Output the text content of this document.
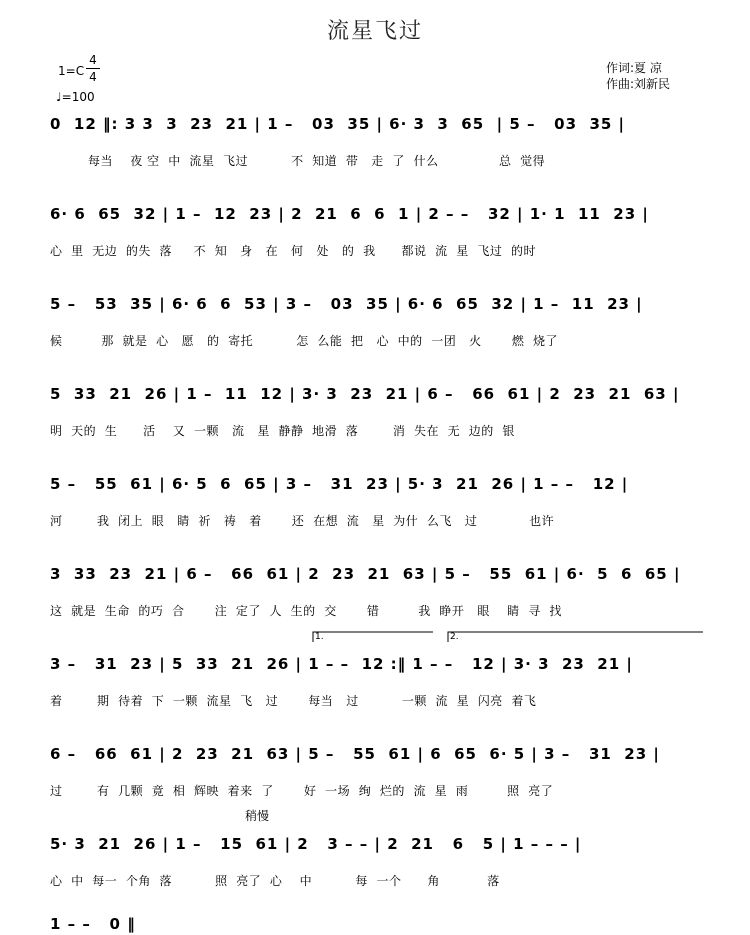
流星飞过
$1=C \frac{4}{4}$
♩=100
作词:夏 凉
作曲:刘新民
稍慢
1.	2.
0  12 ‖: 3 3  3  23  21 | 1 –   03  35 | 6· 3  3  65  | 5 –   03  35 |
每当    夜 空  中  流星  飞过          不  知道  带   走  了  什么              总  觉得
6· 6  65  32 | 1 –  12  23 | 2  21  6  6  1 | 2 – –   32 | 1· 1  11  23 |
心  里  无边  的失  落     不  知   身   在   何   处   的  我      都说  流  星  飞过  的时
5 –   53  35 | 6· 6  6  53 | 3 –   03  35 | 6· 6  65  32 | 1 –  11  23 |
候         那  就是  心   愿   的  寄托          怎  么能  把   心  中的  一团   火       燃  烧了
5  33  21  26 | 1 –  11  12 | 3· 3  23  21 | 6 –   66  61 | 2  23  21  63 |
明  天的  生      活    又  一颗   流   星  静静  地滑  落        消  失在  无  边的  银
5 –   55  61 | 6· 5  6  65 | 3 –   31  23 | 5· 3  21  26 | 1 – –   12 |
河        我  闭上  眼   睛  祈   祷   着       还  在想  流   星  为什  么飞   过            也许
3  33  23  21 | 6 –   66  61 | 2  23  21  63 | 5 –   55  61 | 6·  5  6  65 |
这  就是  生命  的巧  合       注  定了  人  生的  交       错         我  睁开   眼    睛  寻  找
3 –   31  23 | 5  33  21  26 | 1 – –  12 :‖ 1 – –   12 | 3· 3  23  21 |
着        期  待着  下  一颗  流星  飞   过       每当   过          一颗  流  星  闪亮  着飞
6 –   66  61 | 2  23  21  63 | 5 –   55  61 | 6  65  6· 5 | 3 –   31  23 |
过        有  几颗  竟  相  辉映  着来  了       好  一场  绚  烂的  流  星  雨         照  亮了
5· 3  21  26 | 1 –   15  61 | 2   3 – – | 2  21   6   5 | 1 – – – |
心  中  每一  个角  落          照  亮了  心    中          每  一个      角           落
1 – –   0 ‖
